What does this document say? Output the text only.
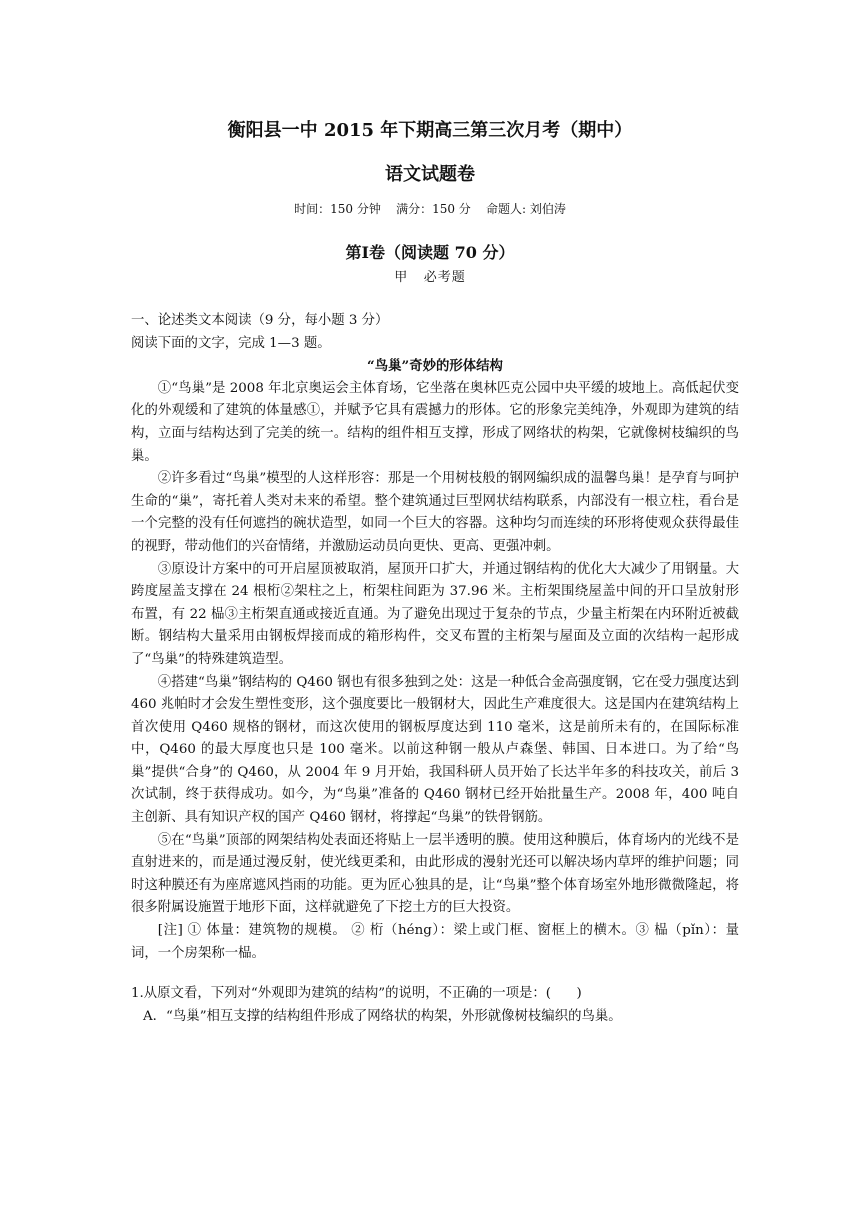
衡阳县一中 2015 年下期高三第三次月考（期中）
语文试题卷
时间：150 分钟    满分：150 分    命题人: 刘伯涛
第Ⅰ卷（阅读题 70 分）
甲   必考题

一、论述类文本阅读（9 分，每小题 3 分）

阅读下面的文字，完成 1—3 题。

“鸟巢”奇妙的形体结构

①“鸟巢”是 2008 年北京奥运会主体育场，它坐落在奥林匹克公园中央平缓的坡地上。高低起伏变化的外观缓和了建筑的体量感①，并赋予它具有震撼力的形体。它的形象完美纯净，外观即为建筑的结构，立面与结构达到了完美的统一。结构的组件相互支撑，形成了网络状的构架，它就像树枝编织的鸟巢。

②许多看过“鸟巢”模型的人这样形容：那是一个用树枝般的钢网编织成的温馨鸟巢！是孕育与呵护生命的“巢”，寄托着人类对未来的希望。整个建筑通过巨型网状结构联系，内部没有一根立柱，看台是一个完整的没有任何遮挡的碗状造型，如同一个巨大的容器。这种均匀而连续的环形将使观众获得最佳的视野，带动他们的兴奋情绪，并激励运动员向更快、更高、更强冲刺。

③原设计方案中的可开启屋顶被取消，屋顶开口扩大，并通过钢结构的优化大大减少了用钢量。大跨度屋盖支撑在 24 根桁②架柱之上，桁架柱间距为 37.96 米。主桁架围绕屋盖中间的开口呈放射形布置，有 22 榀③主桁架直通或接近直通。为了避免出现过于复杂的节点，少量主桁架在内环附近被截断。钢结构大量采用由钢板焊接而成的箱形构件，交叉布置的主桁架与屋面及立面的次结构一起形成了“鸟巢”的特殊建筑造型。

④搭建“鸟巢”钢结构的 Q460 钢也有很多独到之处：这是一种低合金高强度钢，它在受力强度达到 460 兆帕时才会发生塑性变形，这个强度要比一般钢材大，因此生产难度很大。这是国内在建筑结构上首次使用 Q460 规格的钢材，而这次使用的钢板厚度达到 110 毫米，这是前所未有的，在国际标准中，Q460 的最大厚度也只是 100 毫米。以前这种钢一般从卢森堡、韩国、日本进口。为了给“鸟巢”提供“合身”的 Q460，从 2004 年 9 月开始，我国科研人员开始了长达半年多的科技攻关，前后 3 次试制，终于获得成功。如今，为“鸟巢”准备的 Q460 钢材已经开始批量生产。2008 年，400 吨自主创新、具有知识产权的国产 Q460 钢材，将撑起“鸟巢”的铁骨钢筋。

⑤在“鸟巢”顶部的网架结构处表面还将贴上一层半透明的膜。使用这种膜后，体育场内的光线不是直射进来的，而是通过漫反射，使光线更柔和，由此形成的漫射光还可以解决场内草坪的维护问题；同时这种膜还有为座席遮风挡雨的功能。更为匠心独具的是，让“鸟巢”整个体育场室外地形微微隆起，将很多附属设施置于地形下面，这样就避免了下挖土方的巨大投资。

[注] ① 体量：建筑物的规模。 ② 桁（héng）：梁上或门框、窗框上的横木。③ 榀（pǐn）：量词，一个房架称一榀。

1.从原文看，下列对“外观即为建筑的结构”的说明，不正确的一项是：(      )

A．“鸟巢”相互支撑的结构组件形成了网络状的构架，外形就像树枝编织的鸟巢。
